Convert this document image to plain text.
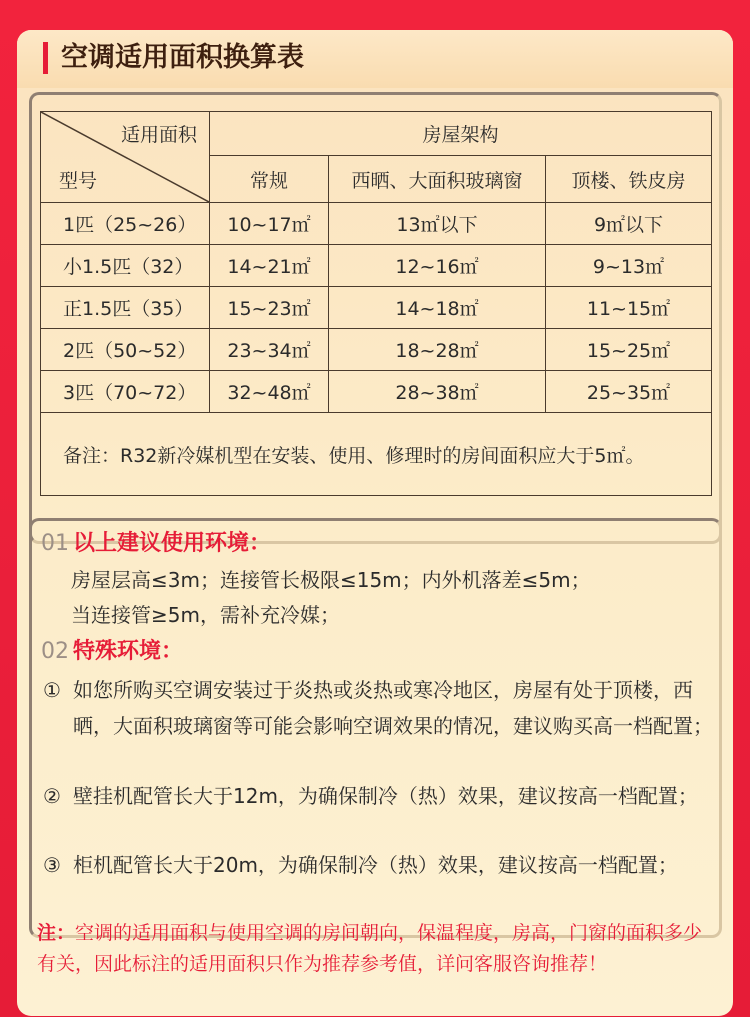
空调适用面积换算表
适用面积
型号	房屋架构		
	常规	西晒、大面积玻璃窗	顶楼、铁皮房
1匹（25~26）	10~17㎡	13㎡以下	9㎡以下
小1.5匹（32）	14~21㎡	12~16㎡	9~13㎡
正1.5匹（35）	15~23㎡	14~18㎡	11~15㎡
2匹（50~52）	23~34㎡	18~28㎡	15~25㎡
3匹（70~72）	32~48㎡	28~38㎡	25~35㎡
备注：R32新冷媒机型在安装、使用、修理时的房间面积应大于5㎡。			
01 以上建议使用环境：
房屋层高≤3m；连接管长极限≤15m；内外机落差≤5m；
当连接管≥5m，需补充冷媒；
02 特殊环境：
① 如您所购买空调安装过于炎热或炎热或寒冷地区，房屋有处于顶楼，西晒，大面积玻璃窗等可能会影响空调效果的情况，建议购买高一档配置；
② 壁挂机配管长大于12m，为确保制冷（热）效果，建议按高一档配置；
③ 柜机配管长大于20m，为确保制冷（热）效果，建议按高一档配置；
注：空调的适用面积与使用空调的房间朝向，保温程度，房高，门窗的面积多少有关，因此标注的适用面积只作为推荐参考值，详问客服咨询推荐！
